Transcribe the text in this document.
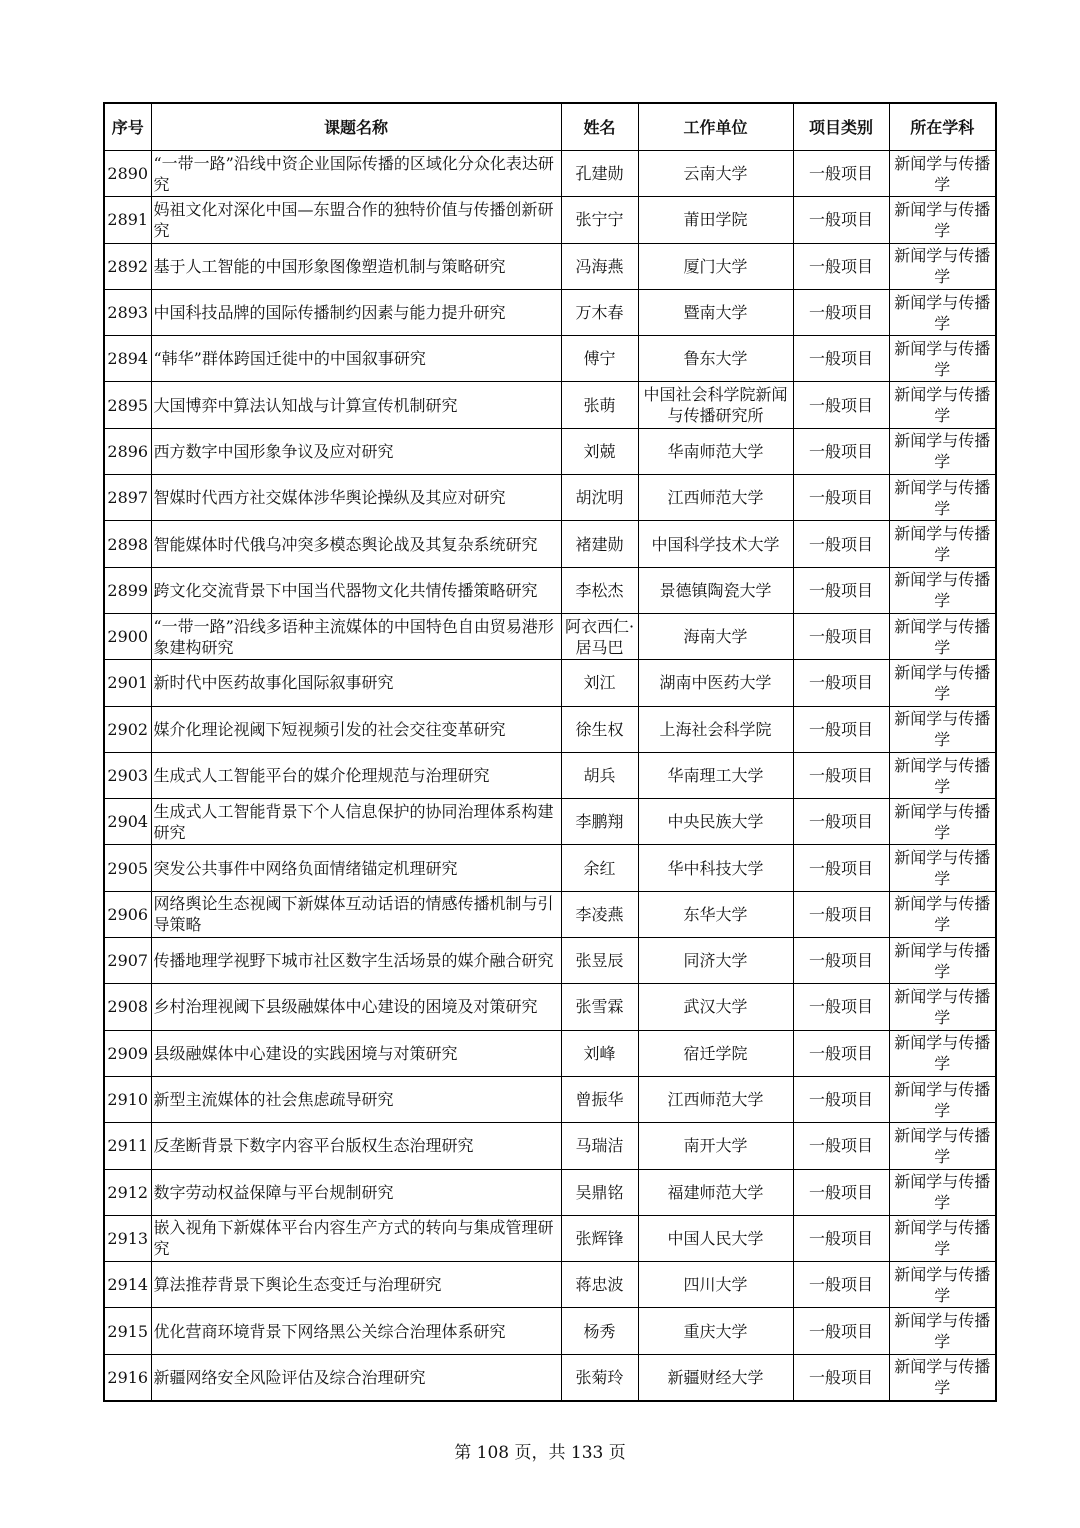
序号	课题名称	姓名	工作单位	项目类别	所在学科
2890	“一带一路”沿线中资企业国际传播的区域化分众化表达研究	孔建勋	云南大学	一般项目	新闻学与传播学
2891	妈祖文化对深化中国—东盟合作的独特价值与传播创新研究	张宁宁	莆田学院	一般项目	新闻学与传播学
2892	基于人工智能的中国形象图像塑造机制与策略研究	冯海燕	厦门大学	一般项目	新闻学与传播学
2893	中国科技品牌的国际传播制约因素与能力提升研究	万木春	暨南大学	一般项目	新闻学与传播学
2894	“韩华”群体跨国迁徙中的中国叙事研究	傅宁	鲁东大学	一般项目	新闻学与传播学
2895	大国博弈中算法认知战与计算宣传机制研究	张萌	中国社会科学院新闻与传播研究所	一般项目	新闻学与传播学
2896	西方数字中国形象争议及应对研究	刘兢	华南师范大学	一般项目	新闻学与传播学
2897	智媒时代西方社交媒体涉华舆论操纵及其应对研究	胡沈明	江西师范大学	一般项目	新闻学与传播学
2898	智能媒体时代俄乌冲突多模态舆论战及其复杂系统研究	褚建勋	中国科学技术大学	一般项目	新闻学与传播学
2899	跨文化交流背景下中国当代器物文化共情传播策略研究	李松杰	景德镇陶瓷大学	一般项目	新闻学与传播学
2900	“一带一路”沿线多语种主流媒体的中国特色自由贸易港形象建构研究	阿衣西仁·居马巴	海南大学	一般项目	新闻学与传播学
2901	新时代中医药故事化国际叙事研究	刘江	湖南中医药大学	一般项目	新闻学与传播学
2902	媒介化理论视阈下短视频引发的社会交往变革研究	徐生权	上海社会科学院	一般项目	新闻学与传播学
2903	生成式人工智能平台的媒介伦理规范与治理研究	胡兵	华南理工大学	一般项目	新闻学与传播学
2904	生成式人工智能背景下个人信息保护的协同治理体系构建研究	李鹏翔	中央民族大学	一般项目	新闻学与传播学
2905	突发公共事件中网络负面情绪锚定机理研究	余红	华中科技大学	一般项目	新闻学与传播学
2906	网络舆论生态视阈下新媒体互动话语的情感传播机制与引导策略	李凌燕	东华大学	一般项目	新闻学与传播学
2907	传播地理学视野下城市社区数字生活场景的媒介融合研究	张昱辰	同济大学	一般项目	新闻学与传播学
2908	乡村治理视阈下县级融媒体中心建设的困境及对策研究	张雪霖	武汉大学	一般项目	新闻学与传播学
2909	县级融媒体中心建设的实践困境与对策研究	刘峰	宿迁学院	一般项目	新闻学与传播学
2910	新型主流媒体的社会焦虑疏导研究	曾振华	江西师范大学	一般项目	新闻学与传播学
2911	反垄断背景下数字内容平台版权生态治理研究	马瑞洁	南开大学	一般项目	新闻学与传播学
2912	数字劳动权益保障与平台规制研究	吴鼎铭	福建师范大学	一般项目	新闻学与传播学
2913	嵌入视角下新媒体平台内容生产方式的转向与集成管理研究	张辉锋	中国人民大学	一般项目	新闻学与传播学
2914	算法推荐背景下舆论生态变迁与治理研究	蒋忠波	四川大学	一般项目	新闻学与传播学
2915	优化营商环境背景下网络黑公关综合治理体系研究	杨秀	重庆大学	一般项目	新闻学与传播学
2916	新疆网络安全风险评估及综合治理研究	张菊玲	新疆财经大学	一般项目	新闻学与传播学
第 108 页，共 133 页
